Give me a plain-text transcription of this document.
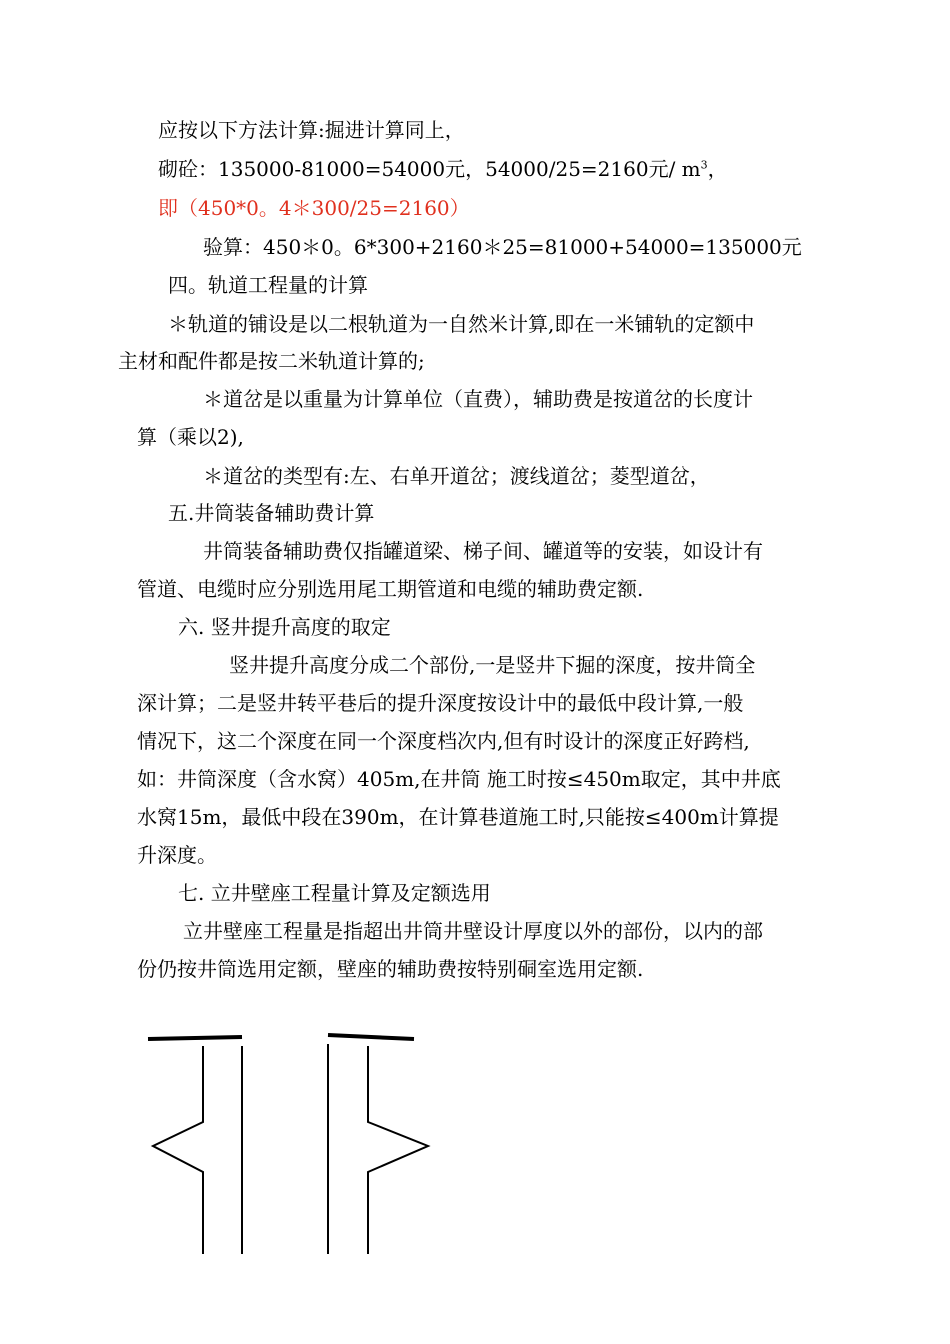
应按以下方法计算:掘进计算同上，
砌砼：135000-81000=54000元，54000/25=2160元/ $m^3$，
即（450*0。4＊300/25=2160）
验算：450＊0。6*300+2160＊25=81000+54000=135000元
四。轨道工程量的计算
＊轨道的铺设是以二根轨道为一自然米计算,即在一米铺轨的定额中
主材和配件都是按二米轨道计算的;
＊道岔是以重量为计算单位（直费），辅助费是按道岔的长度计
算（乘以2),
＊道岔的类型有:左、右单开道岔；渡线道岔；菱型道岔，
五.井筒装备辅助费计算
井筒装备辅助费仅指罐道梁、梯子间、罐道等的安装，如设计有
管道、电缆时应分别选用尾工期管道和电缆的辅助费定额.
六. 竖井提升高度的取定
竖井提升高度分成二个部份,一是竖井下掘的深度，按井筒全
深计算；二是竖井转平巷后的提升深度按设计中的最低中段计算,一般
情况下，这二个深度在同一个深度档次内,但有时设计的深度正好跨档,
如：井筒深度（含水窝）405m,在井筒 施工时按≤450m取定，其中井底
水窝15m，最低中段在390m，在计算巷道施工时,只能按≤400m计算提
升深度。
七. 立井壁座工程量计算及定额选用
立井壁座工程量是指超出井筒井壁设计厚度以外的部份，以内的部
份仍按井筒选用定额，壁座的辅助费按特别硐室选用定额.
